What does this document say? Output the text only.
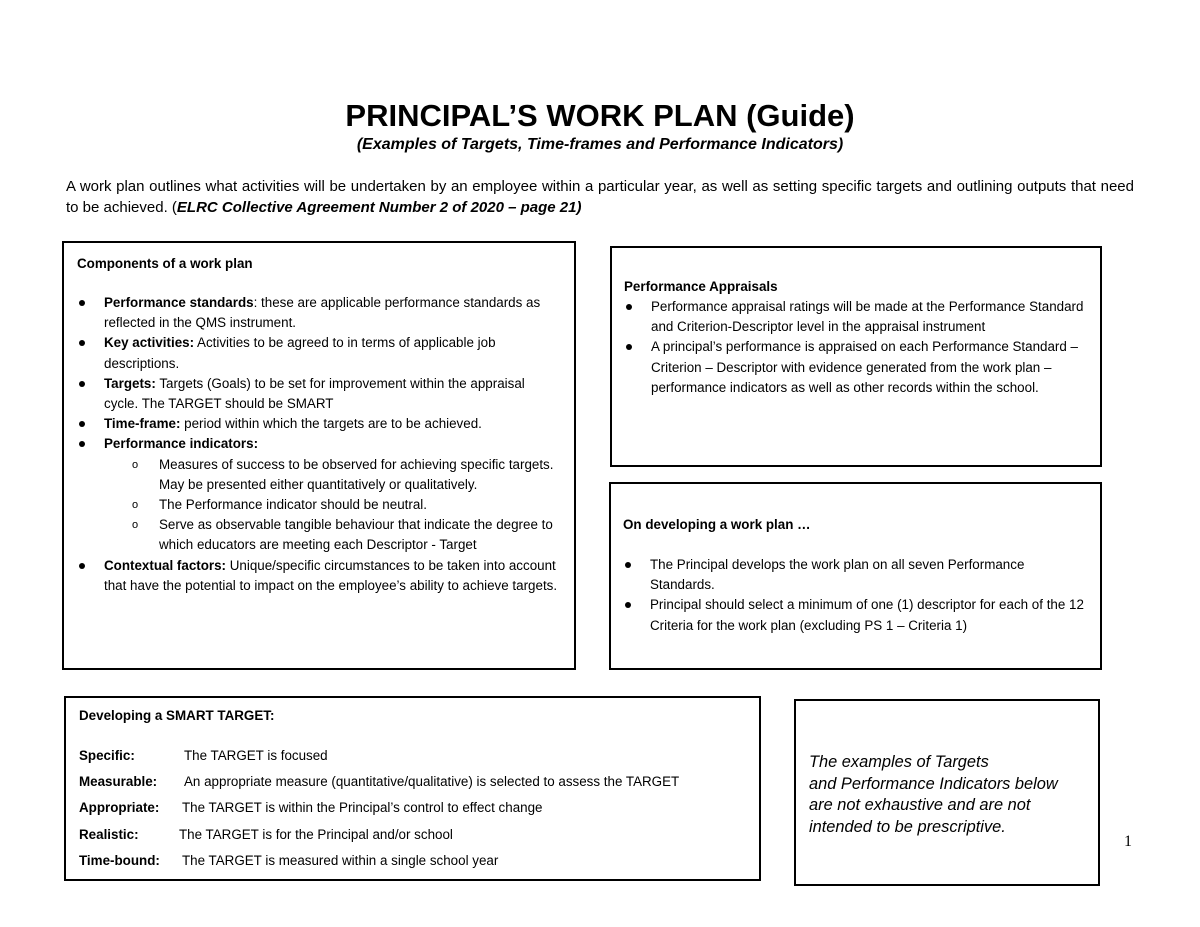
PRINCIPAL’S WORK PLAN (Guide)
(Examples of Targets, Time-frames and Performance Indicators)
A work plan outlines what activities will be undertaken by an employee within a particular year, as well as setting specific targets and outlining outputs that need to be achieved. (ELRC Collective Agreement Number 2 of 2020 – page 21)
Components of a work plan
Performance standards: these are applicable performance standards as reflected in the QMS instrument.
Key activities: Activities to be agreed to in terms of applicable job descriptions.
Targets: Targets (Goals) to be set for improvement within the appraisal cycle. The TARGET should be SMART
Time-frame: period within which the targets are to be achieved.
Performance indicators:
o Measures of success to be observed for achieving specific targets. May be presented either quantitatively or qualitatively.
o The Performance indicator should be neutral.
o Serve as observable tangible behaviour that indicate the degree to which educators are meeting each Descriptor - Target
Contextual factors: Unique/specific circumstances to be taken into account that have the potential to impact on the employee’s ability to achieve targets.
Performance Appraisals
Performance appraisal ratings will be made at the Performance Standard and Criterion-Descriptor level in the appraisal instrument
A principal’s performance is appraised on each Performance Standard – Criterion – Descriptor with evidence generated from the work plan – performance indicators as well as other records within the school.
On developing a work plan …
The Principal develops the work plan on all seven Performance Standards.
Principal should select a minimum of one (1) descriptor for each of the 12 Criteria for the work plan (excluding PS 1 – Criteria 1)
Developing a SMART TARGET:
Specific:	The TARGET is focused
Measurable:	An appropriate measure (quantitative/qualitative) is selected to assess the TARGET
Appropriate:	The TARGET is within the Principal’s control to effect change
Realistic:	The TARGET is for the Principal and/or school
Time-bound:	The TARGET is measured within a single school year
The examples of Targets
and Performance Indicators below
are not exhaustive and are not
intended to be prescriptive.
1
